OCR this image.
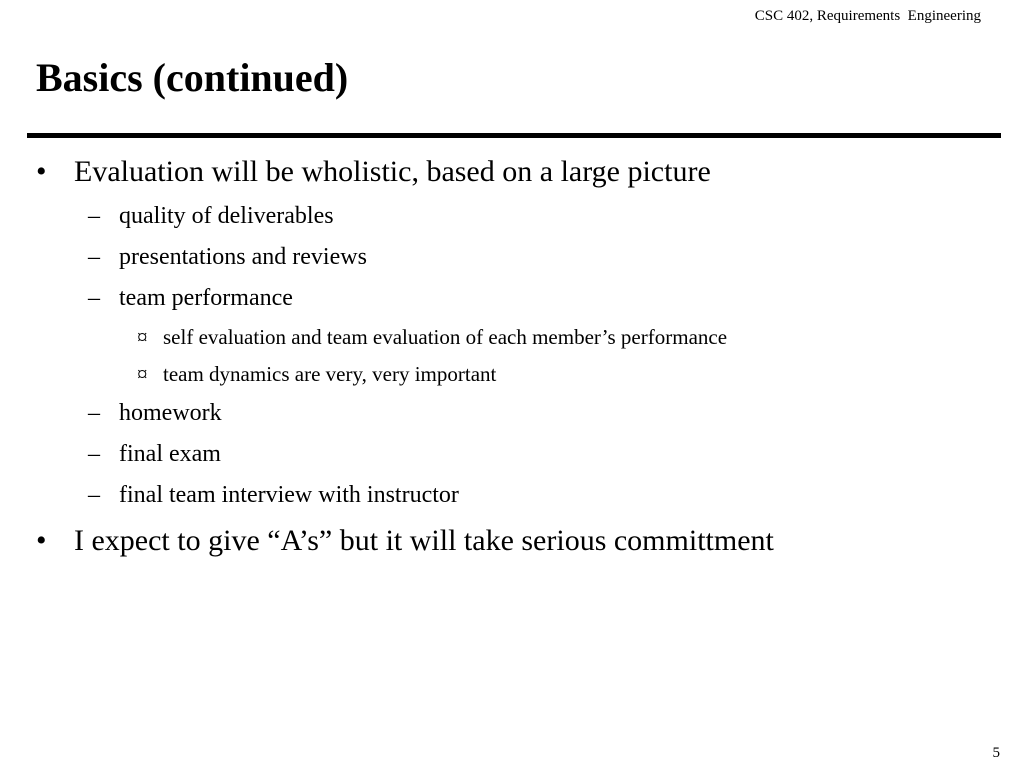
CSC 402, Requirements  Engineering
Basics (continued)
• Evaluation will be wholistic, based on a large picture
– quality of deliverables
– presentations and reviews
– team performance
¤ self evaluation and team evaluation of each member’s performance
¤ team dynamics are very, very important
– homework
– final exam
– final team interview with instructor
• I expect to give “A’s” but it will take serious committment
5
